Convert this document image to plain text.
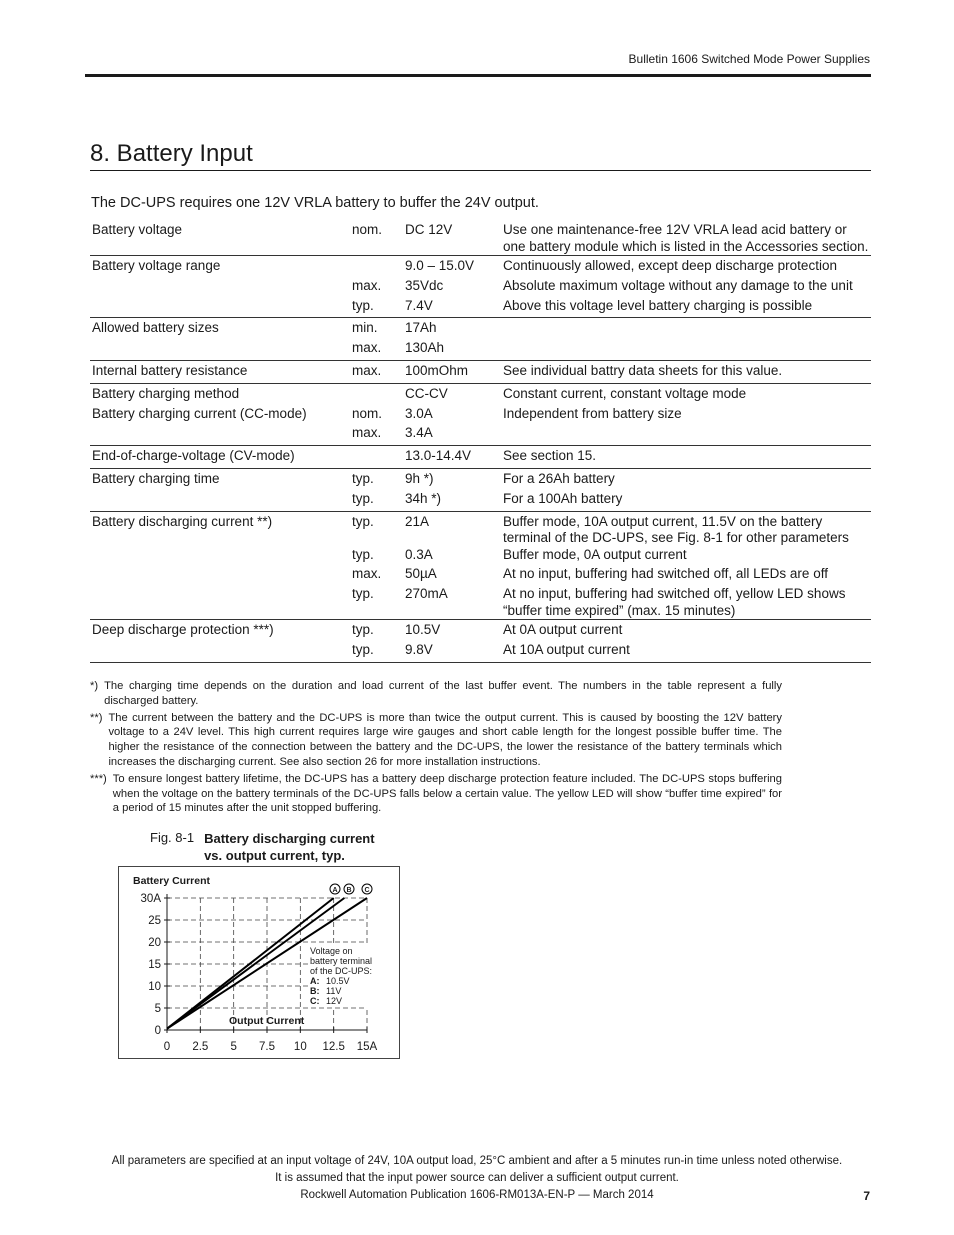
Bulletin 1606 Switched Mode Power Supplies
8. Battery Input
The DC-UPS requires one 12V VRLA battery to buffer the 24V output.
Battery voltage	nom.	DC 12V	Use one maintenance-free 12V VRLA lead acid battery or one battery module which is listed in the Accessories section.
Battery voltage range		9.0 – 15.0V	Continuously allowed, except deep discharge protection
	max.	35Vdc	Absolute maximum voltage without any damage to the unit
	typ.	7.4V	Above this voltage level battery charging is possible
Allowed battery sizes	min.	17Ah	
	max.	130Ah	
Internal battery resistance	max.	100mOhm	See individual battry data sheets for this value.
Battery charging method		CC-CV	Constant current, constant voltage mode
Battery charging current (CC-mode)	nom.	3.0A	Independent from battery size
	max.	3.4A	
End-of-charge-voltage (CV-mode)		13.0-14.4V	See section 15.
Battery charging time	typ.	9h *)	For a 26Ah battery
	typ.	34h *)	For a 100Ah battery
Battery discharging current **)	typ.	21A	Buffer mode, 10A output current, 11.5V on the battery terminal of the DC-UPS, see Fig. 8-1 for other parameters
	typ.	0.3A	Buffer mode, 0A output current
	max.	50µA	At no input, buffering had switched off, all LEDs are off
	typ.	270mA	At no input, buffering had switched off, yellow LED shows “buffer time expired” (max. 15 minutes)
Deep discharge protection ***)	typ.	10.5V	At 0A output current
	typ.	9.8V	At 10A output current
*) The charging time depends on the duration and load current of the last buffer event. The numbers in the table represent a fully discharged battery.
**) The current between the battery and the DC-UPS is more than twice the output current. This is caused by boosting the 12V battery voltage to a 24V level. This high current requires large wire gauges and short cable length for the longest possible buffer time. The higher the resistance of the connection between the battery and the DC-UPS, the lower the resistance of the battery terminals which increases the discharging current. See also section 26 for more installation instructions.
***) To ensure longest battery lifetime, the DC-UPS has a battery deep discharge protection feature included. The DC-UPS stops buffering when the voltage on the battery terminals of the DC-UPS falls below a certain value. The yellow LED will show “buffer time expired” for a period of 15 minutes after the unit stopped buffering.
Fig. 8-1 Battery discharging current vs. output current, typ.
0 2.5 5 7.5 10 12.5 15A
0
5
10
15
20
25
30A
Battery Current
Output Current
A B C
Voltage on
battery terminal
of the DC-UPS:
A: 10.5V
B: 11V
C: 12V
All parameters are specified at an input voltage of 24V, 10A output load, 25°C ambient and after a 5 minutes run-in time unless noted otherwise.
It is assumed that the input power source can deliver a sufficient output current.
Rockwell Automation Publication 1606-RM013A-EN-P — March 2014	7
